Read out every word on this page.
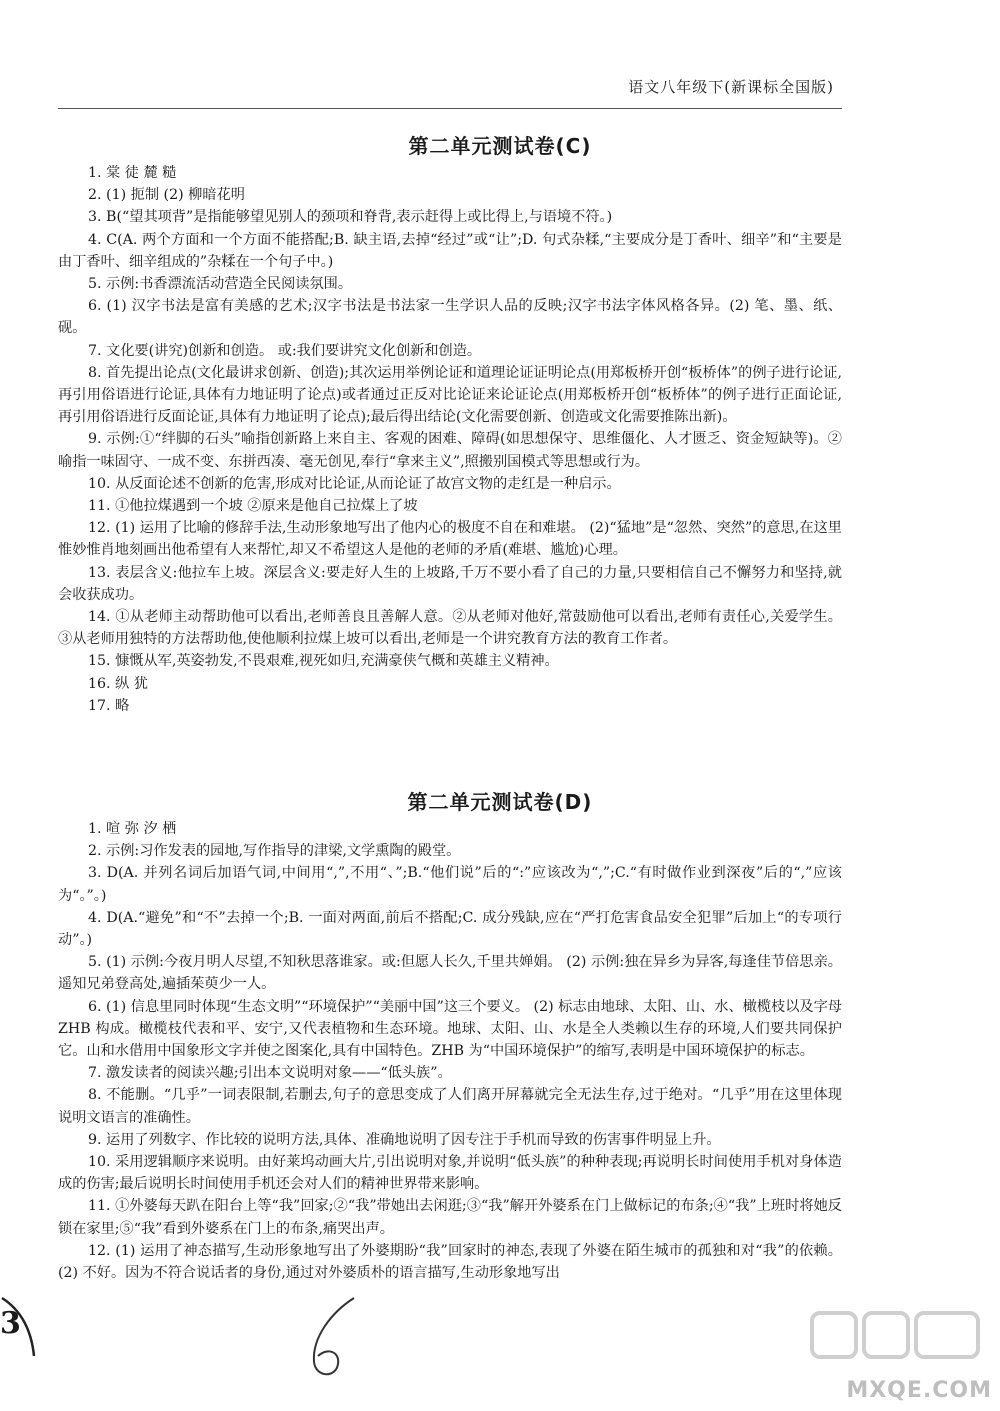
语文八年级下(新课标全国版)
第二单元测试卷(C)

1. 棠 徒 麓 糙

2. (1) 扼制 (2) 柳暗花明

3. B(“望其项背”是指能够望见别人的颈项和脊背,表示赶得上或比得上,与语境不符。)

4. C(A. 两个方面和一个方面不能搭配;B. 缺主语,去掉“经过”或“让”;D. 句式杂糅,“主要成分是丁香叶、细辛”和“主要是由丁香叶、细辛组成的”杂糅在一个句子中。)

5. 示例:书香漂流活动营造全民阅读氛围。

6. (1) 汉字书法是富有美感的艺术;汉字书法是书法家一生学识人品的反映;汉字书法字体风格各异。(2) 笔、墨、纸、砚。

7. 文化要(讲究)创新和创造。 或:我们要讲究文化创新和创造。

8. 首先提出论点(文化最讲求创新、创造);其次运用举例论证和道理论证证明论点(用郑板桥开创“板桥体”的例子进行论证,再引用俗语进行论证,具体有力地证明了论点)或者通过正反对比论证来论证论点(用郑板桥开创“板桥体”的例子进行正面论证,再引用俗语进行反面论证,具体有力地证明了论点);最后得出结论(文化需要创新、创造或文化需要推陈出新)。

9. 示例:①“绊脚的石头”喻指创新路上来自主、客观的困难、障碍(如思想保守、思维僵化、人才匮乏、资金短缺等)。②喻指一味固守、一成不变、东拼西凑、毫无创见,奉行“拿来主义”,照搬别国模式等思想或行为。

10. 从反面论述不创新的危害,形成对比论证,从而论证了故宫文物的走红是一种启示。

11. ①他拉煤遇到一个坡 ②原来是他自己拉煤上了坡

12. (1) 运用了比喻的修辞手法,生动形象地写出了他内心的极度不自在和难堪。 (2)“猛地”是“忽然、突然”的意思,在这里惟妙惟肖地刻画出他希望有人来帮忙,却又不希望这人是他的老师的矛盾(难堪、尴尬)心理。

13. 表层含义:他拉车上坡。深层含义:要走好人生的上坡路,千万不要小看了自己的力量,只要相信自己不懈努力和坚持,就会收获成功。

14. ①从老师主动帮助他可以看出,老师善良且善解人意。②从老师对他好,常鼓励他可以看出,老师有责任心,关爱学生。③从老师用独特的方法帮助他,使他顺利拉煤上坡可以看出,老师是一个讲究教育方法的教育工作者。

15. 慷慨从军,英姿勃发,不畏艰难,视死如归,充满豪侠气概和英雄主义精神。

16. 纵 犹

17. 略

第二单元测试卷(D)

1. 喧 弥 汐 栖

2. 示例:习作发表的园地,写作指导的津梁,文学熏陶的殿堂。

3. D(A. 并列名词后加语气词,中间用“,”,不用“、”;B.“他们说”后的“:”应该改为“,”;C.“有时做作业到深夜”后的“,”应该为“。”。)

4. D(A.“避免”和“不”去掉一个;B. 一面对两面,前后不搭配;C. 成分残缺,应在“严打危害食品安全犯罪”后加上“的专项行动”。)

5. (1) 示例:今夜月明人尽望,不知秋思落谁家。或:但愿人长久,千里共婵娟。 (2) 示例:独在异乡为异客,每逢佳节倍思亲。遥知兄弟登高处,遍插茱萸少一人。

6. (1) 信息里同时体现“生态文明”“环境保护”“美丽中国”这三个要义。 (2) 标志由地球、太阳、山、水、橄榄枝以及字母 ZHB 构成。橄榄枝代表和平、安宁,又代表植物和生态环境。地球、太阳、山、水是全人类赖以生存的环境,人们要共同保护它。山和水借用中国象形文字并使之图案化,具有中国特色。ZHB 为“中国环境保护”的缩写,表明是中国环境保护的标志。

7. 激发读者的阅读兴趣;引出本文说明对象——“低头族”。

8. 不能删。“几乎”一词表限制,若删去,句子的意思变成了人们离开屏幕就完全无法生存,过于绝对。“几乎”用在这里体现说明文语言的准确性。

9. 运用了列数字、作比较的说明方法,具体、准确地说明了因专注于手机而导致的伤害事件明显上升。

10. 采用逻辑顺序来说明。由好莱坞动画大片,引出说明对象,并说明“低头族”的种种表现;再说明长时间使用手机对身体造成的伤害;最后说明长时间使用手机还会对人们的精神世界带来影响。

11. ①外婆每天趴在阳台上等“我”回家;②“我”带她出去闲逛;③“我”解开外婆系在门上做标记的布条;④“我”上班时将她反锁在家里;⑤“我”看到外婆系在门上的布条,痛哭出声。

12. (1) 运用了神态描写,生动形象地写出了外婆期盼“我”回家时的神态,表现了外婆在陌生城市的孤独和对“我”的依赖。 (2) 不好。因为不符合说话者的身份,通过对外婆质朴的语言描写,生动形象地写出

3
MXQE.COM
